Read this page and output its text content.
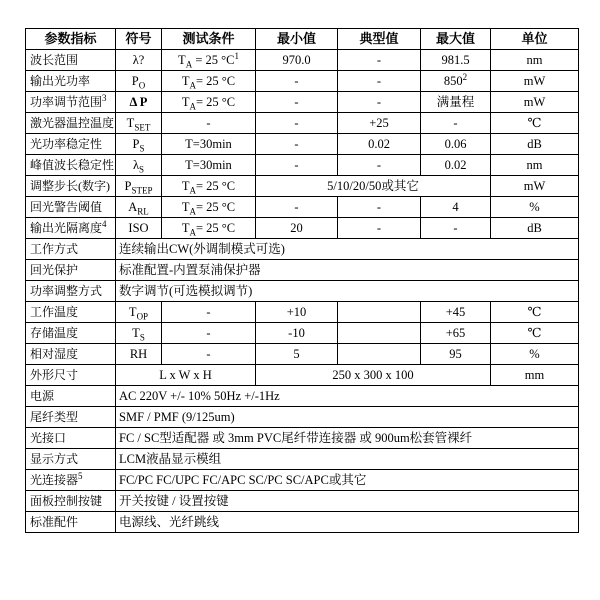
参数指标	符号	测试条件	最小值	典型值	最大值	单位
波长范围	λ?	$T_A = 25$ $^\circ C^1$	970.0	-	981.5	nm
输出光功率	$P_O$	$T_A= 25$ °C	-	-	$850^2$	mW
功率调节范围$^3$	Δ P	$T_A= 25$ °C	-	-	满量程	mW
激光器温控温度	$T_{SET}$	-	-	+25	-	℃
光功率稳定性	$P_S$	T=30min	-	0.02	0.06	dB
峰值波长稳定性	$\lambda_S$	T=30min	-	-	0.02	nm
调整步长(数字)	$P_{STEP}$	$T_A= 25$ °C	5/10/20/50或其它			mW
回光警告阈值	$A_{RL}$	$T_A= 25$ °C	-	-	4	%
输出光隔离度$^4$	ISO	$T_A= 25$ °C	20	-	-	dB
工作方式	连续输出CW(外调制模式可选)					
回光保护	标准配置-内置泵浦保护器					
功率调整方式	数字调节(可选模拟调节)					
工作温度	$T_{OP}$	-	+10		+45	℃
存储温度	$T_S$	-	-10		+65	℃
相对湿度	RH	-	5		95	%
外形尺寸	L x W x H		250 x 300 x 100			mm
电源	AC 220V +/- 10% 50Hz +/-1Hz					
尾纤类型	SMF / PMF (9/125um)					
光接口	FC / SC型适配器 或 3mm PVC尾纤带连接器 或 900um松套管裸纤					
显示方式	LCM液晶显示模组					
光连接器$^5$	FC/PC FC/UPC FC/APC SC/PC SC/APC或其它					
面板控制按键	开关按键 / 设置按键					
标准配件	电源线、光纤跳线					
